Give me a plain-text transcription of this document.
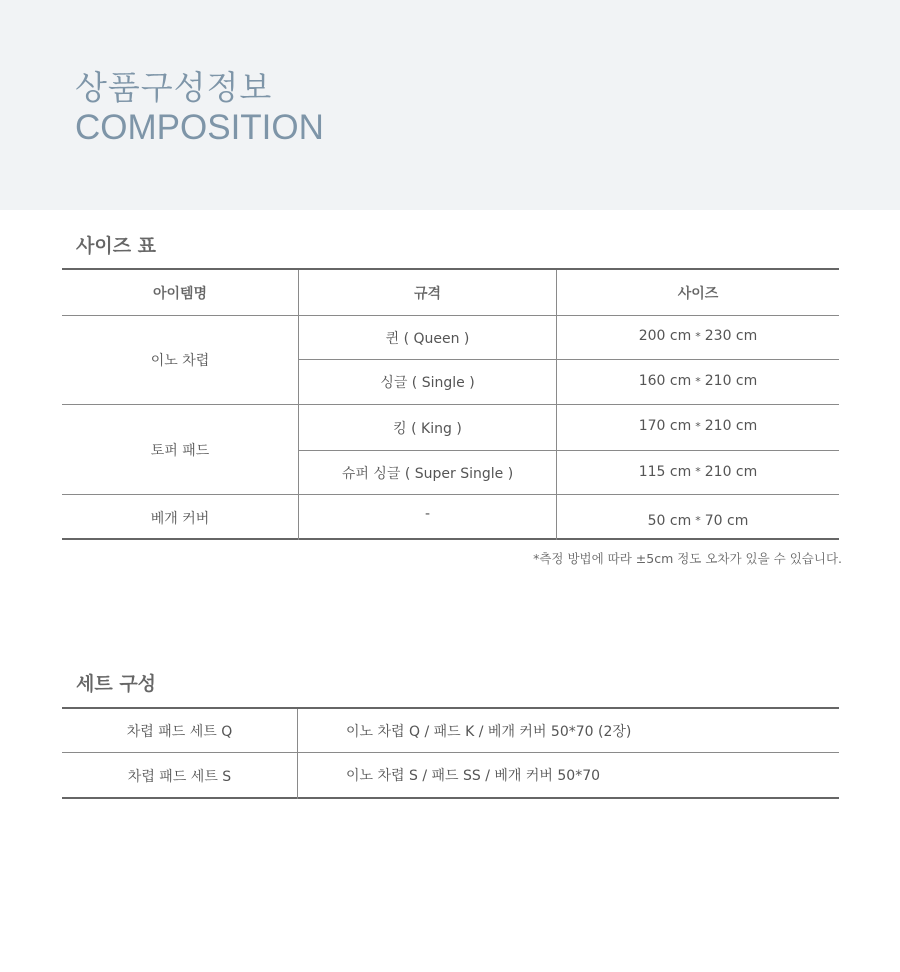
상품구성정보
COMPOSITION
사이즈 표
아이템명	규격	사이즈
이노 차렵
퀸 ( Queen )	200 cm * 230 cm
싱글 ( Single )	160 cm * 210 cm
토퍼 패드
킹 ( King )	170 cm * 210 cm
슈퍼 싱글 ( Super Single )	115 cm * 210 cm
베개 커버	-	50 cm * 70 cm
*측정 방법에 따라 ±5cm 정도 오차가 있을 수 있습니다.
세트 구성
차렵 패드 세트 Q	이노 차렵 Q / 패드 K / 베개 커버 50*70 (2장)
차렵 패드 세트 S	이노 차렵 S / 패드 SS / 베개 커버 50*70
